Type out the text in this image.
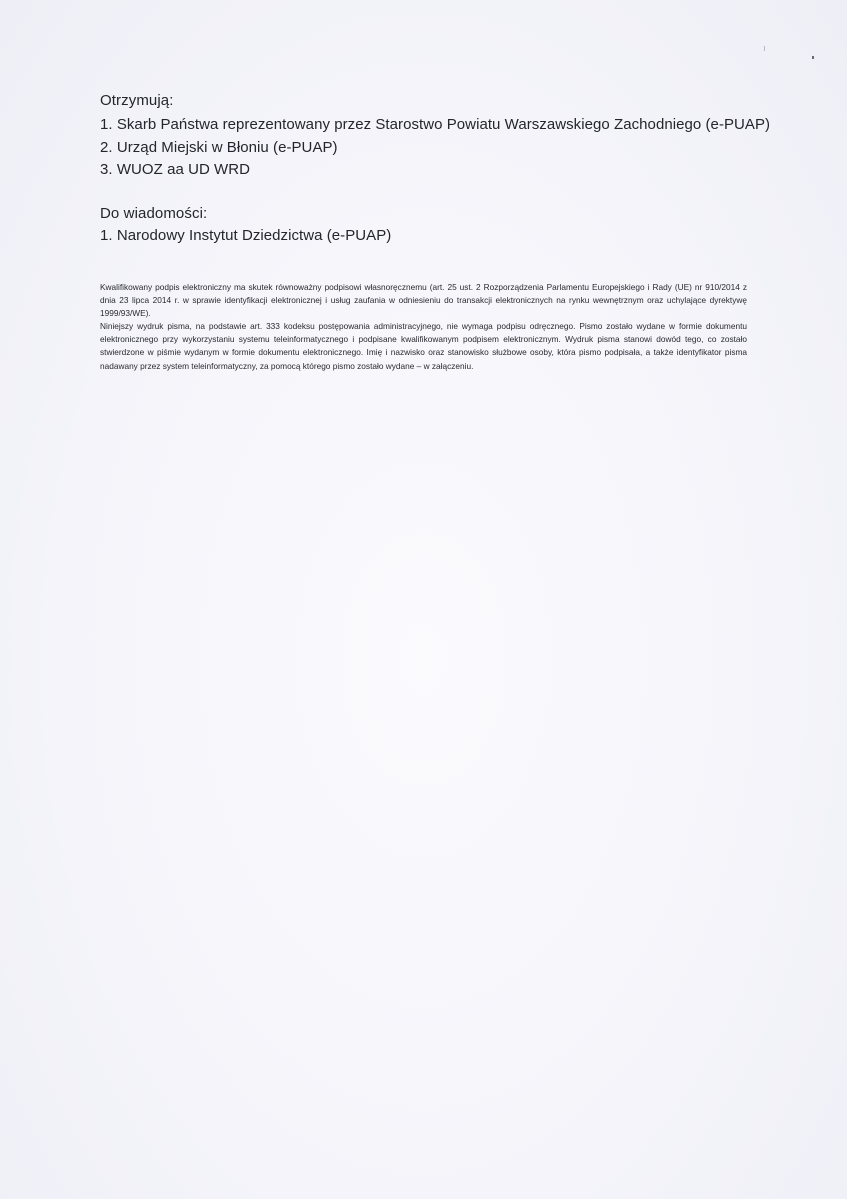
Otrzymują:
1. Skarb Państwa reprezentowany przez Starostwo Powiatu Warszawskiego Zachodniego (e-PUAP)
2. Urząd Miejski w Błoniu (e-PUAP)
3. WUOZ aa UD WRD
Do wiadomości:
1. Narodowy Instytut Dziedzictwa (e-PUAP)

Kwalifikowany podpis elektroniczny ma skutek równoważny podpisowi własnoręcznemu (art. 25 ust. 2 Rozporządzenia Parlamentu Europejskiego i Rady (UE) nr 910/2014 z dnia 23 lipca 2014 r. w sprawie identyfikacji elektronicznej i usług zaufania w odniesieniu do transakcji elektronicznych na rynku wewnętrznym oraz uchylające dyrektywę 1999/93/WE).

Niniejszy wydruk pisma, na podstawie art. 333 kodeksu postępowania administracyjnego, nie wymaga podpisu odręcznego. Pismo zostało wydane w formie dokumentu elektronicznego przy wykorzystaniu systemu teleinformatycznego i podpisane kwalifikowanym podpisem elektronicznym. Wydruk pisma stanowi dowód tego, co zostało stwierdzone w piśmie wydanym w formie dokumentu elektronicznego. Imię i nazwisko oraz stanowisko służbowe osoby, która pismo podpisała, a także identyfikator pisma nadawany przez system teleinformatyczny, za pomocą którego pismo zostało wydane – w załączeniu.
